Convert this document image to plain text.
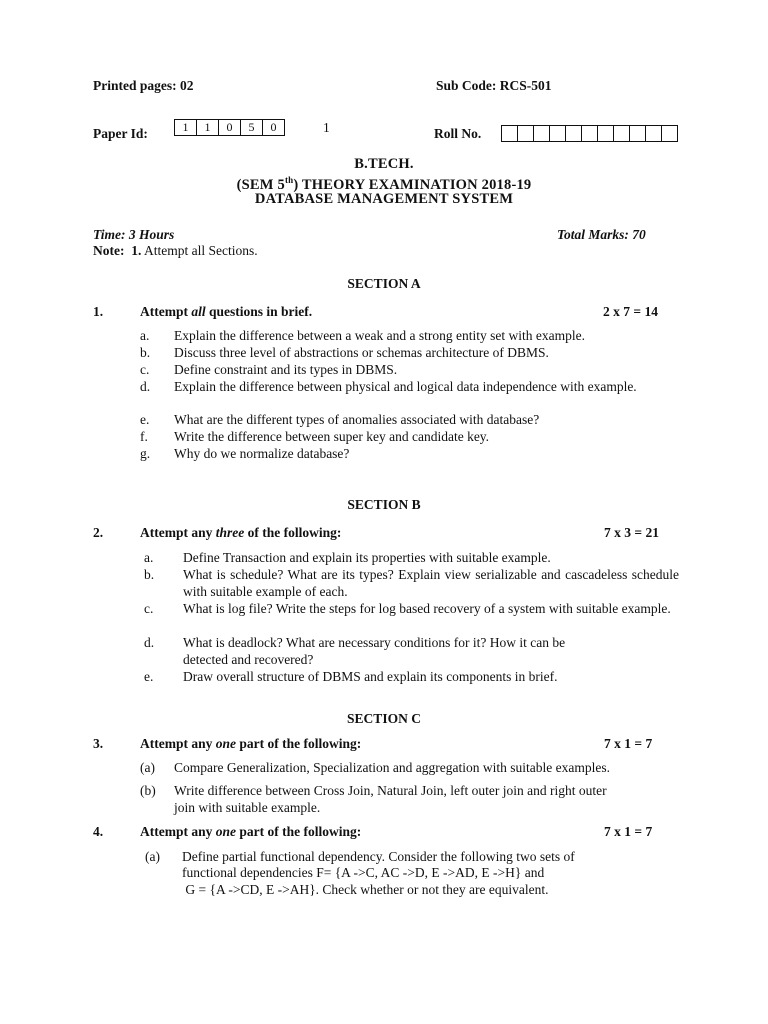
Printed pages: 02	Sub Code: RCS-501
Paper Id:	1	1	0	5	0	1	Roll No.
B.TECH.
(SEM 5th) THEORY EXAMINATION 2018-19
DATABASE MANAGEMENT SYSTEM
Time: 3 Hours	Total Marks: 70
Note: 1. Attempt all Sections.
SECTION A
1.	Attempt all questions in brief.	2 x 7 = 14
a. Explain the difference between a weak and a strong entity set with example.
b. Discuss three level of abstractions or schemas architecture of DBMS.
c. Define constraint and its types in DBMS.
d. Explain the difference between physical and logical data independence with example.
e. What are the different types of anomalies associated with database?
f. Write the difference between super key and candidate key.
g. Why do we normalize database?
SECTION B
2.	Attempt any three of the following:	7 x 3 = 21
a. Define Transaction and explain its properties with suitable example.
b. What is schedule? What are its types? Explain view serializable and cascadeless schedule with suitable example of each.
c. What is log file? Write the steps for log based recovery of a system with suitable example.
d. What is deadlock? What are necessary conditions for it? How it can be
detected and recovered?
e. Draw overall structure of DBMS and explain its components in brief.
SECTION C
3.	Attempt any one part of the following:	7 x 1 = 7
(a) Compare Generalization, Specialization and aggregation with suitable examples.
(b) Write difference between Cross Join, Natural Join, left outer join and right outer
join with suitable example.
4.	Attempt any one part of the following:	7 x 1 = 7
(a) Define partial functional dependency. Consider the following two sets of
functional dependencies F= {A ->C, AC ->D, E ->AD, E ->H} and
G = {A ->CD, E ->AH}. Check whether or not they are equivalent.
